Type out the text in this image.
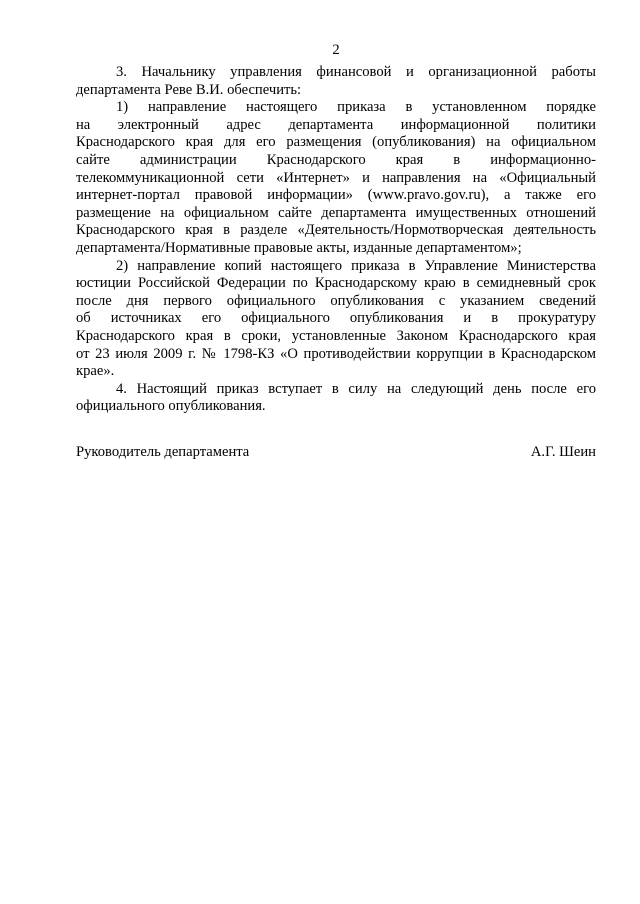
2

3. Начальнику управления финансовой и организационной работы
департамента Реве В.И. обеспечить:

1) направление настоящего приказа в установленном порядке
на электронный адрес департамента информационной политики
Краснодарского края для его размещения (опубликования) на официальном
сайте администрации Краснодарского края в информационно-
телекоммуникационной сети «Интернет» и направления на «Официальный
интернет-портал правовой информации» (www.pravo.gov.ru), а также его
размещение на официальном сайте департамента имущественных отношений
Краснодарского края в разделе «Деятельность/Нормотворческая деятельность
департамента/Нормативные правовые акты, изданные департаментом»;

2) направление копий настоящего приказа в Управление Министерства
юстиции Российской Федерации по Краснодарскому краю в семидневный срок
после дня первого официального опубликования с указанием сведений
об источниках его официального опубликования и в прокуратуру
Краснодарского края в сроки, установленные Законом Краснодарского края
от 23 июля 2009 г. № 1798-КЗ «О противодействии коррупции в Краснодарском
крае».

4. Настоящий приказ вступает в силу на следующий день после его
официального опубликования.

Руководитель департамента	А.Г. Шеин
